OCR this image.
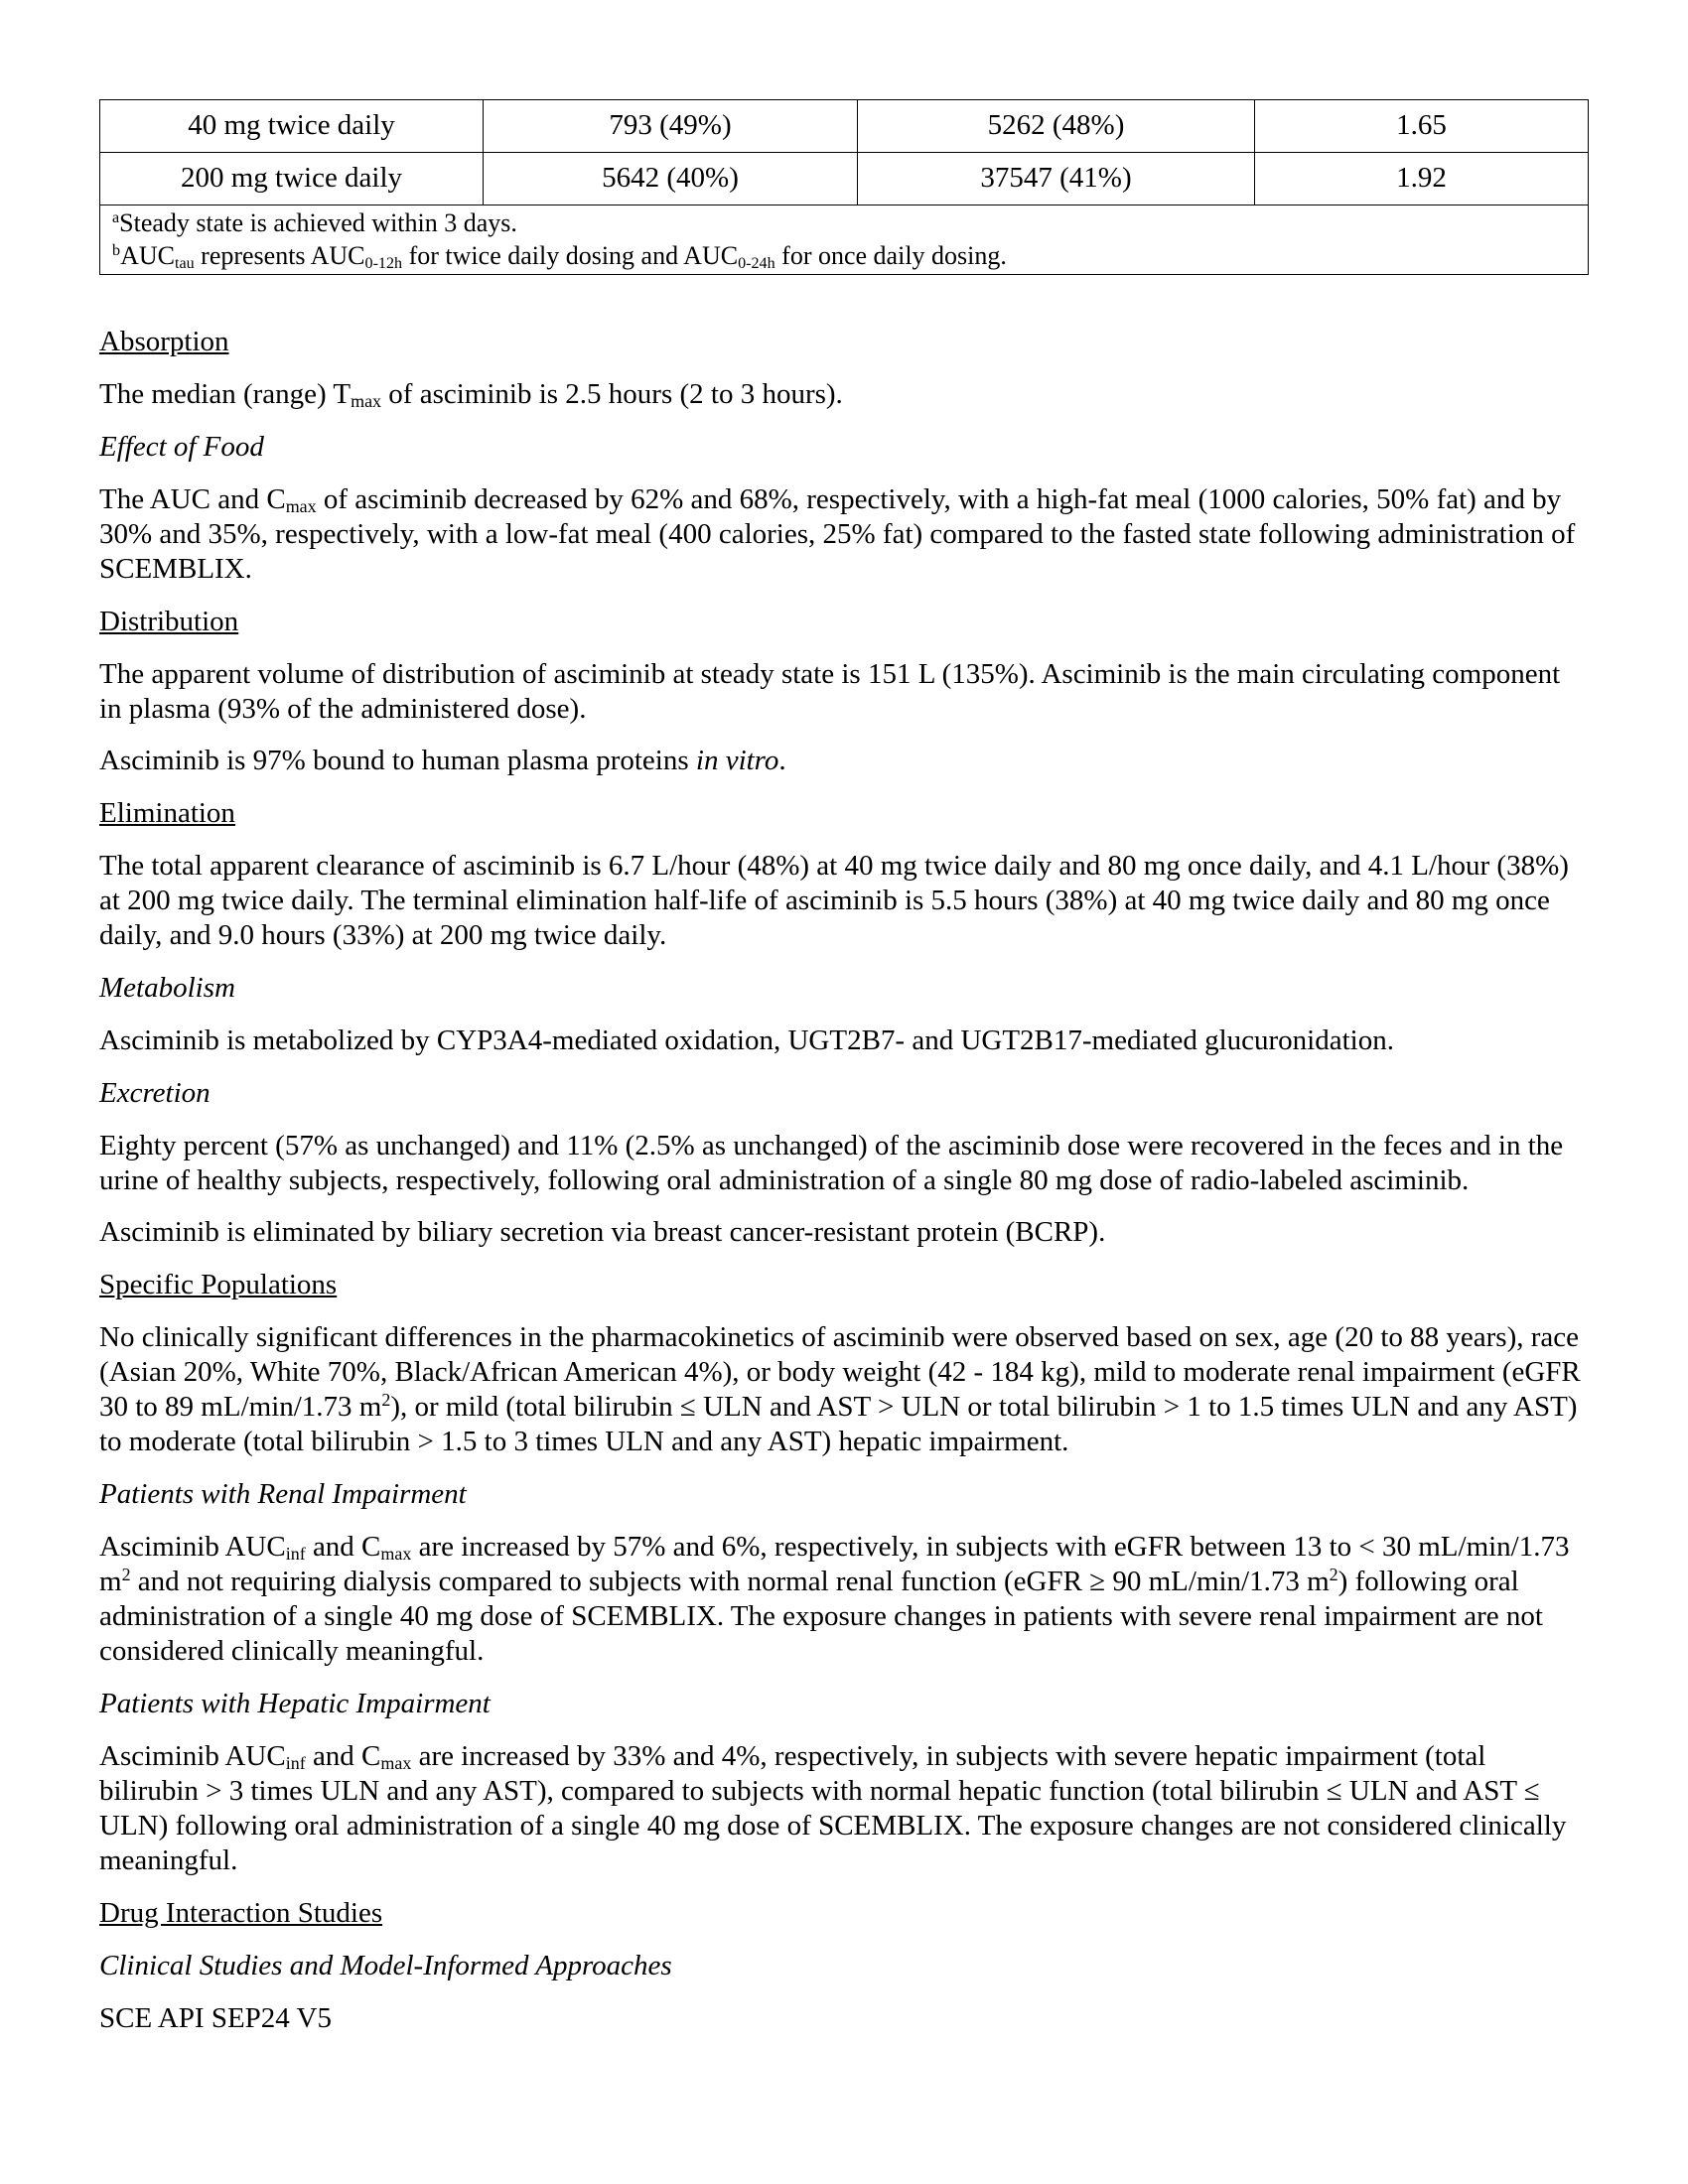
40 mg twice daily	793 (49%)	5262 (48%)	1.65
200 mg twice daily	5642 (40%)	37547 (41%)	1.92

$^a$Steady state is achieved within 3 days.
$^bAUC_{tau}$ represents $AUC_{0-12h}$ for twice daily dosing and $AUC_{0-24h}$ for once daily dosing.			

Absorption

The median (range) $T_{max}$ of asciminib is 2.5 hours (2 to 3 hours).

Effect of Food

The AUC and $C_{max}$ of asciminib decreased by 62% and 68%, respectively, with a high-fat meal (1000 calories, 50% fat) and by 30% and 35%, respectively, with a low-fat meal (400 calories, 25% fat) compared to the fasted state following administration of SCEMBLIX.

Distribution

The apparent volume of distribution of asciminib at steady state is 151 L (135%). Asciminib is the main circulating component in plasma (93% of the administered dose).

Asciminib is 97% bound to human plasma proteins in vitro.

Elimination

The total apparent clearance of asciminib is 6.7 L/hour (48%) at 40 mg twice daily and 80 mg once daily, and 4.1 L/hour (38%) at 200 mg twice daily. The terminal elimination half-life of asciminib is 5.5 hours (38%) at 40 mg twice daily and 80 mg once daily, and 9.0 hours (33%) at 200 mg twice daily.

Metabolism

Asciminib is metabolized by CYP3A4-mediated oxidation, UGT2B7- and UGT2B17-mediated glucuronidation.

Excretion

Eighty percent (57% as unchanged) and 11% (2.5% as unchanged) of the asciminib dose were recovered in the feces and in the urine of healthy subjects, respectively, following oral administration of a single 80 mg dose of radio-labeled asciminib.

Asciminib is eliminated by biliary secretion via breast cancer-resistant protein (BCRP).

Specific Populations

No clinically significant differences in the pharmacokinetics of asciminib were observed based on sex, age (20 to 88 years), race (Asian 20%, White 70%, Black/African American 4%), or body weight (42 - 184 kg), mild to moderate renal impairment (eGFR 30 to 89 mL/min/1.73 $m^2$), or mild (total bilirubin ≤ ULN and AST > ULN or total bilirubin > 1 to 1.5 times ULN and any AST) to moderate (total bilirubin > 1.5 to 3 times ULN and any AST) hepatic impairment.

Patients with Renal Impairment

Asciminib $AUC_{inf}$ and $C_{max}$ are increased by 57% and 6%, respectively, in subjects with eGFR between 13 to < 30 mL/min/1.73 $m^2$ and not requiring dialysis compared to subjects with normal renal function (eGFR ≥ 90 mL/min/1.73 $m^2$) following oral administration of a single 40 mg dose of SCEMBLIX. The exposure changes in patients with severe renal impairment are not considered clinically meaningful.

Patients with Hepatic Impairment

Asciminib $AUC_{inf}$ and $C_{max}$ are increased by 33% and 4%, respectively, in subjects with severe hepatic impairment (total bilirubin > 3 times ULN and any AST), compared to subjects with normal hepatic function (total bilirubin ≤ ULN and AST ≤ ULN) following oral administration of a single 40 mg dose of SCEMBLIX. The exposure changes are not considered clinically meaningful.

Drug Interaction Studies

Clinical Studies and Model-Informed Approaches

SCE API SEP24 V5
